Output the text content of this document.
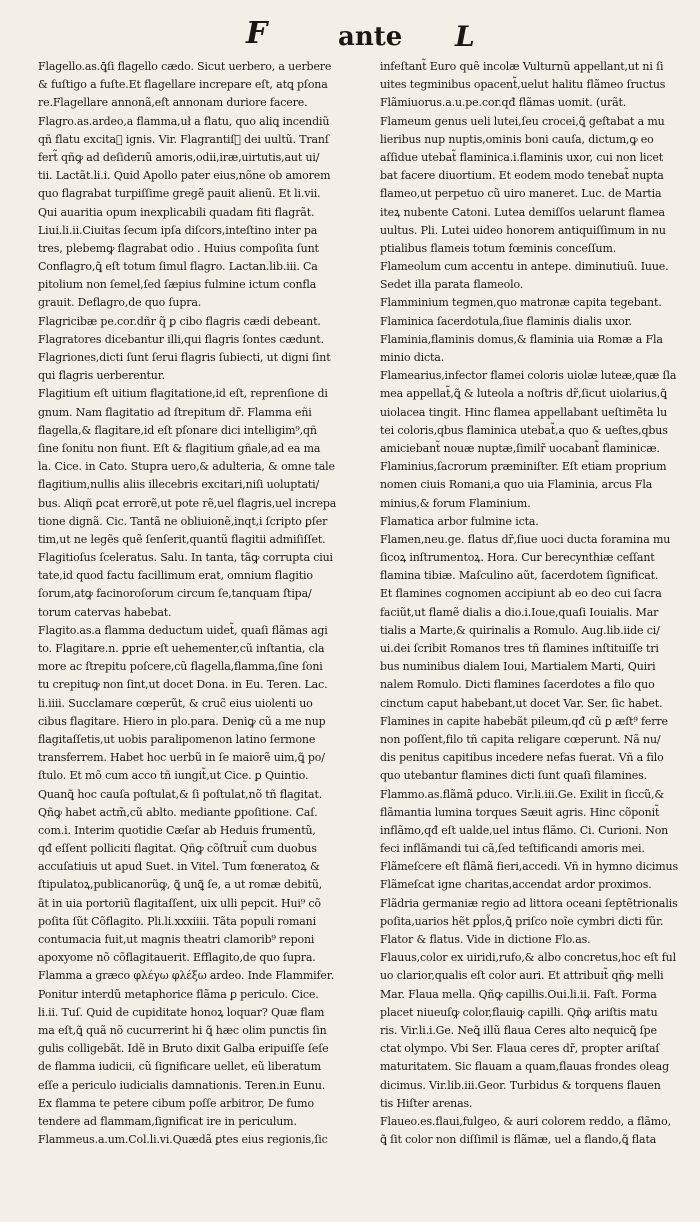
F	ante L
Flagello.as.ꝗ̄ſi flagello cædo. Sicut uerbero, a uerbere
& fuſtigo a fuſte.Et flagellare increpare eſt, atꝗ pſona
re.Flagellare annonã,eſt annonam duriore facere.
Flagro.as.ardeo,a flamma,uł a flatu, quo aliꝗ incendiũ
qñ flatu excitaᷓ ignis. Vir. Flagrantiſꝙ dei uultũ. Tranſ
fert̃ qñꝙ ad deſiderıũ amoris,odii,iræ,uirtutis,aut ui/
tii. Lactãt.li.i. Quid Apollo pater eius,nõne ob amorem
quo flagrabat turpiſſime gregẽ pauit alienũ. Et li.vii.
Qui auaritia opum inexplicabili quadam fiti flagrãt.
Liui.li.ii.Ciuitas ſecum ipſa diſcors,inteſtino inter pa
tres, plebemꝙ flagrabat odio . Huius compoſita ſunt
Conflagro,ꝗ̃ eſt totum ſimul flagro. Lactan.lib.iii. Ca
pitolium non ſemel,ſed ſæpius fulmine ictum confla
grauit. Deflagro,de quo ſupra.
Flagricibæ pe.cor.dñr q̃ ꝑ cibo flagris cædi debeant.
Flagratores dicebantur illi,qui flagris ſontes cædunt.
Flagriones,dicti ſunt ſerui flagris ſubiecti, ut digni ſint
qui flagris uerberentur.
Flagitium eſt uitium flagitatione,id eſt, reprenſione di
gnum. Nam flagitatio ad ſtrepitum dr̃. Flamma eñi
flagella,& flagitare,id eſt pſonare dici intelligim⁹,qñ
ſine ſonitu non fiunt. Eſt & flagitium gñale,ad ea ma
la. Cice. in Cato. Stupra uero,& adulteria, & omne tale
flagitium,nullis aliis illecebris excitari,niſi uoluptati/
bus. Aliqñ ꝑcat errorẽ,ut pote rẽ,uel flagris,uel increpa
tione dignã. Cic. Tantã ne obliuionẽ,inqt,i ſcripto ꝑſer
tim,ut ne legẽs quẽ ſenſerit,quantũ flagitii admiſiſſet.
Flagitioſus ſceleratus. Salu. In tanta, tãꝙ corrupta ciui
tate,id quod factu facillimum erat, omnium flagitio
ſorum,atꝙ facinoroſorum circum ſe,tanquam ſtipa/
torum catervas habebat.
Flagito.as.a flamma deductum uidet̃, quaſi flãmas agi
to. Flagitare.n. ꝑprie eſt uehementer,cũ inſtantia, cla
more ac ſtrepitu poſcere,cũ flagella,flamma,ſine ſoni
tu crepituꝙ non ſint,ut docet Dona. in Eu. Teren. Lac.
li.iiii. Succlamare cœperũt, & cruc̃ eius uiolenti uo
cibus flagitare. Hiero in plo.para. Deniꝙ cũ a me nup
flagitaſſetis,ut uobis paralipomenon latino ſermone
transferrem. Habet hoc uerbũ in ſe maiorẽ uim,ꝗ̃ po/
ſtulo. Et mõ cum acco tñ iungit̃,ut Cice. ꝑ Quintio.
Quanꝗ̃ hoc cauſa poſtulat,& ſi poſtulat,nõ tñ flagitat.
Qñꝙ habet actm̃,cũ ablto. mediante ꝑpoſitione. Caſ.
com.i. Interim quotidie Cæſar ab Heduis frumentũ,
qđ eſſent polliciti flagitat. Qñꝙ cõſtruit̃ cum duobus
accuſatiuis ut apud Suet. in Vitel. Tum fœneratoꝝ &
ſtipulatoꝝ,publicanorũꝙ, ꝗ̃ unꝗ̃ ſe, a ut romæ debitũ,
āt in uia portoriũ flagitaſſent, uix ulli pepcit. Hui⁹ cõ
poſita ſũt Cõflagito. Pli.li.xxxiiii. Tãta populi romani
contumacia fuit,ut magnis theatri clamorib⁹ reponi
apoxyome nõ cõflagitauerit. Efflagito,de quo ſupra.
Flamma a græco φλέγω φλέξω ardeo. Inde Flammifer.
Ponitur interdũ metaphorice flãma ꝑ periculo. Cice.
li.ii. Tuſ. Quid de cupiditate honoꝝ loquar? Quæ flam
ma eſt,ꝗ̃ quã nõ cucurrerint hi ꝗ̃ hæc olim punctis ſin
gulis colligebãt. Idẽ in Bruto dixit Galba eripuiſſe ſeſe
de flamma iudicii, cũ ſignificare uellet, eũ liberatum
eſſe a periculo iudicialis damnationis. Teren.in Eunu.
Ex flamma te petere cibum poſſe arbitror, De fumo
tendere ad flammam,ſignificat ire in periculum.
Flammeus.a.um.Col.li.vi.Quædã ꝑtes eius regionis,ſic
infeſtant̃ Euro quẽ incolæ Vulturnũ appellant,ut ni ſi
uites tegminibus opacent̃,uelut halitu flãmeo ſructus
Flãmiuorus.a.u.pe.cor.qđ flãmas uomit. (urãt.
Flameum genus ueli lutei,ſeu crocei,ꝗ̃ geſtabat a mu
lieribus nup nuptis,ominis boni cauſa, dictum,ꝙ eo
aſſidue utebat̃ flaminica.i.flaminis uxor, cui non licet
bat facere diuortium. Et eodem modo tenebat̃ nupta
flameo,ut perpetuo cũ uiro maneret. Luc. de Martia
iteꝝ nubente Catoni. Lutea demiſſos uelarunt flamea
uultus. Pli. Lutei uideo honorem antiquiſſimum in nu
ptialibus flameis totum fœminis conceſſum.
Flameolum cum accentu in antepe. diminutiuũ. Iuue.
Sedet illa parata flameolo.
Flamminium tegmen,quo matronæ capita tegebant.
Flaminica ſacerdotula,ſiue flaminis dialis uxor.
Flaminia,flaminis domus,& flaminia uia Romæ a Fla
minio dicta.
Flamearius,infector flamei coloris uiolæ luteæ,quæ ſla
mea appellat̃,ꝗ̃ & luteola a noſtris dr̃,ſicut uiolarius,ꝗ̃
uiolacea tingit. Hinc flamea appellabant ueſtimẽta lu
tei coloris,qbus flaminica utebat̃,a quo & ueſtes,qbus
amiciebant̃ nouæ nuptæ,ſimilr̃ uocabant̃ flaminicæ.
Flaminius,ſacrorum præminiſter. Eſt etiam proprium
nomen ciuis Romani,a quo uia Flaminia, arcus Fla
minius,& forum Flaminium.
Flamatica arbor fulmine icta.
Flamen,neu.ge. flatus dr̃,ſiue uoci ducta foramina mu
ſicoꝝ inſtrumentoꝝ. Hora. Cur berecynthiæ ceſſant
flamina tibiæ. Maſculino aũt, ſacerdotem ſignificat.
Et flamines cognomen accipiunt ab eo deo cui ſacra
faciũt,ut flamẽ dialis a dio.i.Ioue,quaſi Iouialis. Mar
tialis a Marte,& quirinalis a Romulo. Aug.lib.iide ci/
ui.dei ſcribit Romanos tres tñ flamines inſtituiſſe tri
bus numinibus dialem Ioui, Martialem Marti, Quiri
nalem Romulo. Dicti flamines ſacerdotes a filo quo
cinctum caput habebant,ut docet Var. Ser. ſic habet.
Flamines in capite habebãt pileum,qđ cũ ꝑ æſt⁹ ferre
non poſſent,filo tñ capita religare cœperunt. Nã nu/
dis penitus capitibus incedere nefas fuerat. Vñ a filo
quo utebantur flamines dicti ſunt quaſi filamines.
Flammo.as.flãmã ꝑduco. Vir.li.iii.Ge. Exilit in ſiccũ,&
flãmantia lumina torques Sæuit agris. Hinc cõponit̃
inflãmo,qđ eſt ualde,uel intus flãmo. Ci. Curioni. Non
feci inflãmandi tui cã,ſed teſtificandi amoris mei.
Flãmeſcere eſt flãmã fieri,accedi. Vñ in hymno dicimus
Flãmeſcat igne charitas,accendat ardor proximos.
Flãdria germaniæ regio ad littora oceani ſeptẽtrionalis
poſita,uarios hẽt ꝑpl̃os,ꝗ̃ priſco noĩe cymbri dicti fũr.
Flator & flatus. Vide in dictione Flo.as.
Flauus,color ex uiridi,rufo,& albo concretus,hoc eſt ful
uo clarior,qualis eſt color auri. Et attribuit̃ qñꝙ melli
Mar. Flaua mella. Qñꝙ capillis.Oui.li.ii. Faſt. Forma
placet niueuſꝙ color,flauiꝙ capilli. Qñꝙ ariſtis matu
ris. Vir.li.i.Ge. Neꝗ̃ illũ flaua Ceres alto nequicꝗ̃ ſpe
ctat olympo. Vbi Ser. Flaua ceres dr̃, propter ariſtaſ
maturitatem. Sic flauam a quam,flauas frondes oleag
dicimus. Vir.lib.iii.Geor. Turbidus & torquens flauen
tis Hiſter arenas.
Flaueo.es.flaui,fulgeo, & auri colorem reddo, a flãmo,
ꝗ̃ ſit color non diſſimil is flãmæ, uel a flando,ꝗ̃ flata
